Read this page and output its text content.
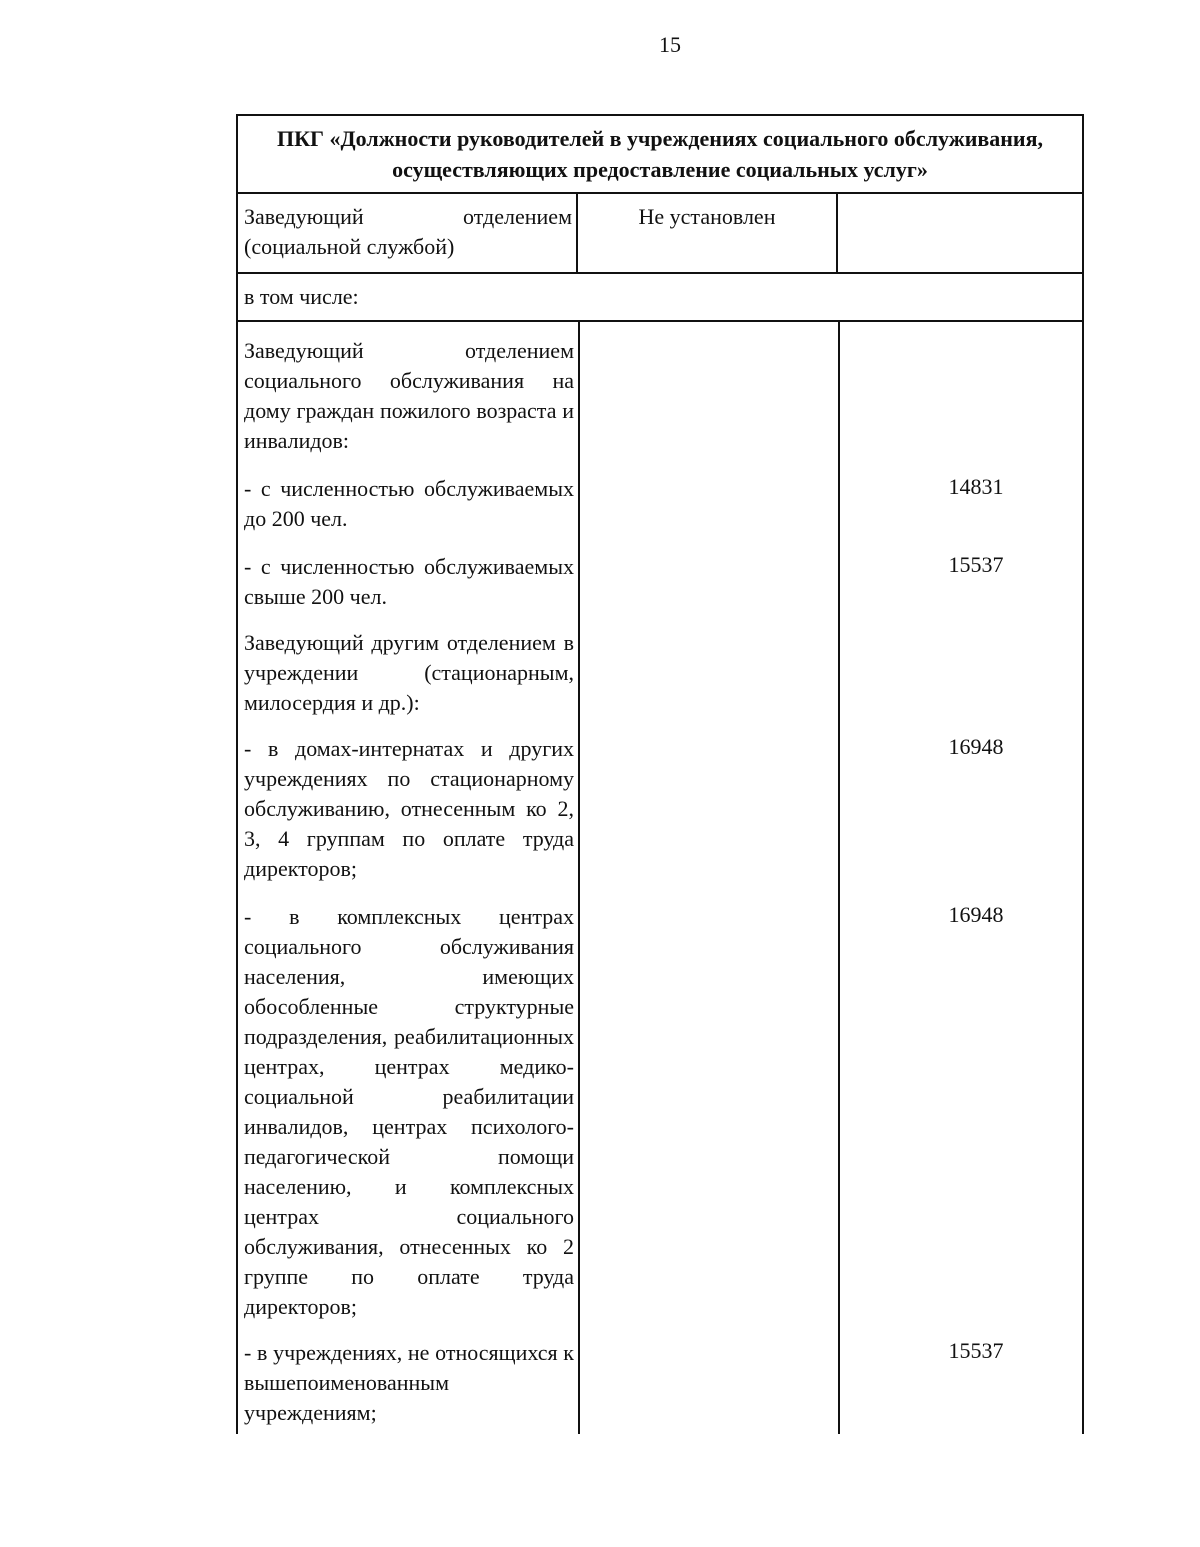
15
ПКГ «Должности руководителей в учреждениях социального обслуживания, осуществляющих предоставление социальных услуг»
Заведующий отделением (социальной службой)
Не установлен
в том числе:
Заведующий отделением социального обслуживания на дому граждан пожилого возраста и инвалидов:
- с численностью обслуживаемых до 200 чел.
14831
- с численностью обслуживаемых свыше 200 чел.
15537
Заведующий другим отделением в учреждении (стационарным, милосердия и др.):
- в домах-интернатах и других учреждениях по стационарному обслуживанию, отнесенным ко 2, 3, 4 группам по оплате труда директоров;
16948
- в комплексных центрах социального обслуживания населения, имеющих обособленные структурные подразделения, реабилитационных центрах, центрах медико-социальной реабилитации инвалидов, центрах психолого-педагогической помощи населению, и комплексных центрах социального обслуживания, отнесенных ко 2 группе по оплате труда директоров;
16948
- в учреждениях, не относящихся к вышепоименованным учреждениям;
15537
